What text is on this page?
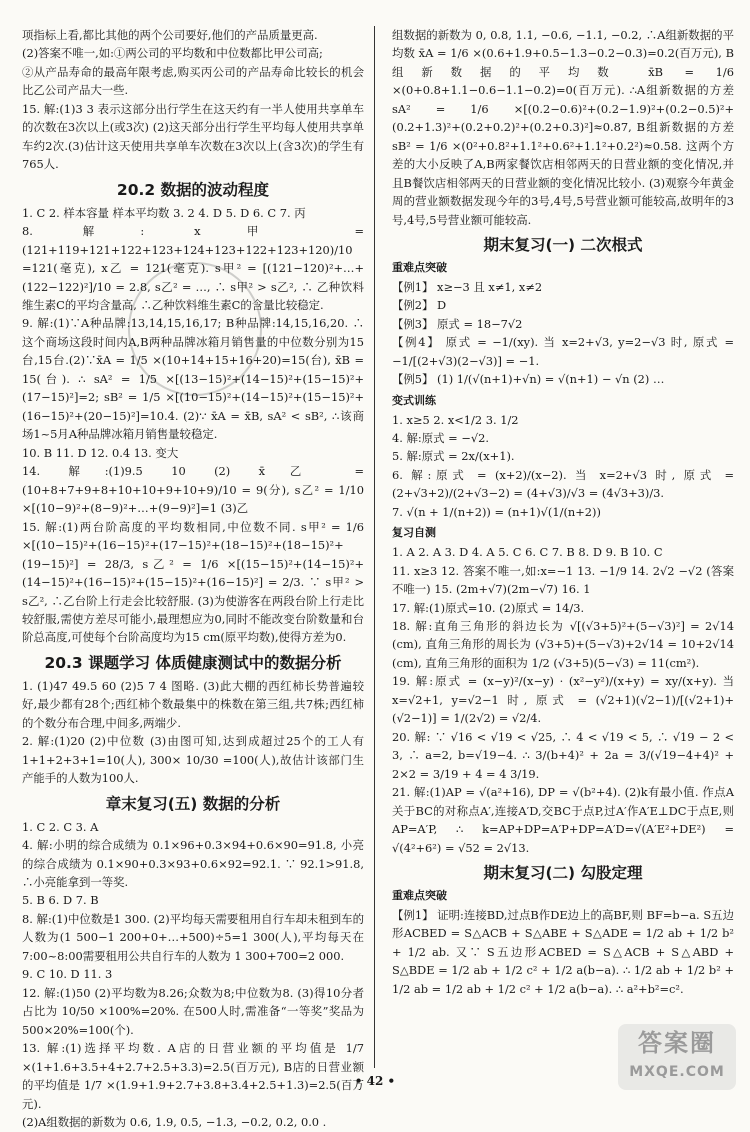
项指标上看,都比其他的两个公司要好,他们的产品质量更高.

(2)答案不唯一,如:①两公司的平均数和中位数都比甲公司高;

②从产品寿命的最高年限考虑,购买丙公司的产品寿命比较长的机会比乙公司产品大一些.

15. 解:(1)3 3 表示这部分出行学生在这天约有一半人使用共享单车的次数在3次以上(或3次) (2)这天部分出行学生平均每人使用共享单车约2次.(3)估计这天使用共享单车次数在3次以上(含3次)的学生有765人.

20.2 数据的波动程度

1. C 2. 样本容量 样本平均数 3. 2 4. D 5. D 6. C 7. 丙

8. 解: x甲 =(121+119+121+122+123+124+123+122+123+120)/10 =121(毫克), x乙 = 121(毫克). s甲² = [(121−120)²+…+(122−122)²]/10 = 2.8, s乙² = …, ∴ s甲² > s乙², ∴ 乙种饮料维生素C的平均含量高, ∴乙种饮料维生素C的含量比较稳定.

9. 解:(1)∵A种品牌:13,14,15,16,17; B种品牌:14,15,16,20. ∴这个商场这段时间内A,B两种品牌冰箱月销售量的中位数分别为15台,15台.(2)∵x̄A = 1/5 ×(10+14+15+16+20)=15(台), x̄B = 15(台). ∴ sA² = 1/5 ×[(13−15)²+(14−15)²+(15−15)²+(17−15)²]=2; sB² = 1/5 ×[(10−15)²+(14−15)²+(15−15)²+(16−15)²+(20−15)²]=10.4. (2)∵ x̄A = x̄B, sA² < sB², ∴该商场1~5月A种品牌冰箱月销售量较稳定.

10. B 11. D 12. 0.4 13. 变大

14. 解:(1)9.5 10 (2) x̄乙 = (10+8+7+9+8+10+10+9+10+9)/10 = 9(分), s乙² = 1/10 ×[(10−9)²+(8−9)²+…+(9−9)²]=1 (3)乙

15. 解:(1)两台阶高度的平均数相同,中位数不同. s甲² = 1/6 ×[(10−15)²+(16−15)²+(17−15)²+(18−15)²+(18−15)²+(19−15)²] = 28/3, s乙² = 1/6 ×[(15−15)²+(14−15)²+(14−15)²+(16−15)²+(15−15)²+(16−15)²] = 2/3. ∵ s甲² > s乙², ∴乙台阶上行走会比较舒服. (3)为使游客在两段台阶上行走比较舒服,需使方差尽可能小,最理想应为0,同时不能改变台阶数量和台阶总高度,可使每个台阶高度均为15 cm(原平均数),使得方差为0.

20.3 课题学习 体质健康测试中的数据分析

1. (1)47 49.5 60 (2)5 7 4 图略. (3)此大棚的西红柿长势普遍较好,最少都有28个;西红柿个数最集中的株数在第三组,共7株;西红柿的个数分布合理,中间多,两端少.

2. 解:(1)20 (2)中位数 (3)由图可知,达到成超过25个的工人有1+1+2+3+1=10(人), 300× 10/30 =100(人),故估计该部门生产能手的人数为100人.

章末复习(五) 数据的分析

1. C 2. C 3. A

4. 解:小明的综合成绩为 0.1×96+0.3×94+0.6×90=91.8, 小亮的综合成绩为 0.1×90+0.3×93+0.6×92=92.1. ∵ 92.1>91.8, ∴小亮能拿到一等奖.

5. B 6. D 7. B

8. 解:(1)中位数是1 300. (2)平均每天需要租用自行车却未租到车的人数为(1 500−1 200+0+…+500)÷5=1 300(人),平均每天在7:00~8:00需要租用公共自行车的人数为 1 300+700=2 000.

9. C 10. D 11. 3

12. 解:(1)50 (2)平均数为8.26;众数为8;中位数为8. (3)得10分者占比为 10/50 ×100%=20%. 在500人时,需准备“一等奖”奖品为 500×20%=100(个).

13. 解:(1)选择平均数. A店的日营业额的平均值是 1/7 ×(1+1.6+3.5+4+2.7+2.5+3.3)=2.5(百万元), B店的日营业额的平均值是 1/7 ×(1.9+1.9+2.7+3.8+3.4+2.5+1.3)=2.5(百万元).

(2)A组数据的新数为 0.6, 1.9, 0.5, −1.3, −0.2, 0.2, 0.0 .

组数据的新数为 0, 0.8, 1.1, −0.6, −1.1, −0.2, ∴A组新数据的平均数 x̄A = 1/6 ×(0.6+1.9+0.5−1.3−0.2−0.3)=0.2(百万元), B组新数据的平均数 x̄B = 1/6 ×(0+0.8+1.1−0.6−1.1−0.2)=0(百万元). ∴A组新数据的方差 sA² = 1/6 ×[(0.2−0.6)²+(0.2−1.9)²+(0.2−0.5)²+(0.2+1.3)²+(0.2+0.2)²+(0.2+0.3)²]≈0.87, B组新数据的方差 sB² = 1/6 ×(0²+0.8²+1.1²+0.6²+1.1²+0.2²)≈0.58. 这两个方差的大小反映了A,B两家餐饮店相邻两天的日营业额的变化情况,并且B餐饮店相邻两天的日营业额的变化情况比较小. (3)观察今年黄金周的营业额数据发现今年的3号,4号,5号营业额可能较高,故明年的3号,4号,5号营业额可能较高.

期末复习(一) 二次根式
重难点突破

【例1】 x≥−3 且 x≠1, x≠2

【例2】 D

【例3】 原式 = 18−7√2

【例4】 原式 = −1/(xy). 当 x=2+√3, y=2−√3 时, 原式 = −1/[(2+√3)(2−√3)] = −1.

【例5】 (1) 1/(√(n+1)+√n) = √(n+1) − √n (2) …

变式训练

1. x≥5 2. x<1/2 3. 1/2

4. 解:原式 = −√2.

5. 解:原式 = 2x/(x+1).

6. 解:原式 = (x+2)/(x−2). 当 x=2+√3 时, 原式 = (2+√3+2)/(2+√3−2) = (4+√3)/√3 = (4√3+3)/3.

7. √(n + 1/(n+2)) = (n+1)√(1/(n+2))

复习自测

1. A 2. A 3. D 4. A 5. C 6. C 7. B 8. D 9. B 10. C

11. x≥3 12. 答案不唯一,如:x=−1 13. −1/9 14. 2√2 −√2 (答案不唯一) 15. (2m+√7)(2m−√7) 16. 1

17. 解:(1)原式=10. (2)原式 = 14/3.

18. 解:直角三角形的斜边长为 √[(√3+5)²+(5−√3)²] = 2√14 (cm), 直角三角形的周长为 (√3+5)+(5−√3)+2√14 = 10+2√14 (cm), 直角三角形的面积为 1/2 (√3+5)(5−√3) = 11(cm²).

19. 解:原式 = (x−y)²/(x−y) · (x²−y²)/(x+y) = xy/(x+y). 当 x=√2+1, y=√2−1 时, 原式 = (√2+1)(√2−1)/[(√2+1)+(√2−1)] = 1/(2√2) = √2/4.

20. 解: ∵ √16 < √19 < √25, ∴ 4 < √19 < 5, ∴ √19 − 2 < 3, ∴ a=2, b=√19−4. ∴ 3/(b+4)² + 2a = 3/(√19−4+4)² + 2×2 = 3/19 + 4 = 4 3/19.

21. 解:(1)AP = √(a²+16), DP = √(b²+4). (2)k有最小值. 作点A关于BC的对称点A′,连接A′D,交BC于点P,过A′作A′E⊥DC于点E,则 AP=A′P, ∴ k=AP+DP=A′P+DP=A′D=√(A′E²+DE²) = √(4²+6²) = √52 = 2√13.

期末复习(二) 勾股定理
重难点突破

【例1】 证明:连接BD,过点B作DE边上的高BF,则 BF=b−a. S五边形ACBED = S△ACB + S△ABE + S△ADE = 1/2 ab + 1/2 b² + 1/2 ab. 又∵ S五边形ACBED = S△ACB + S△ABD + S△BDE = 1/2 ab + 1/2 c² + 1/2 a(b−a). ∴ 1/2 ab + 1/2 b² + 1/2 ab = 1/2 ab + 1/2 c² + 1/2 a(b−a). ∴ a²+b²=c².

• 42 •
答案圈
MXQE.COM
